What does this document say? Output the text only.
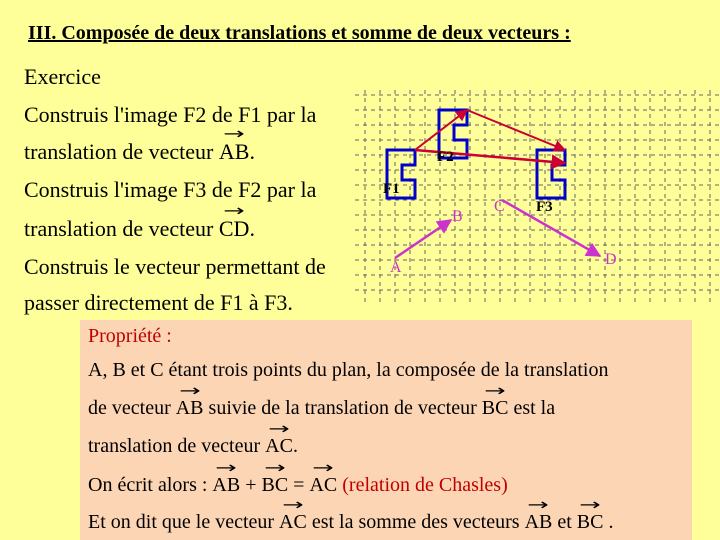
III. Composée de deux translations et somme de deux vecteurs :
Exercice
Construis l'image F2 de F1 par la
translation de vecteur → AB.
Construis l'image F3 de F2 par la
translation de vecteur → CD.
Construis le vecteur permettant de
passer directement de F1 à F3.
F1
F2
F3
A
B
C
D
Propriété :
A, B et C étant trois points du plan, la composée de la translation
de vecteur → AB suivie de la translation de vecteur → BC est la
translation de vecteur → AC.
On écrit alors : → AB + → BC = → AC (relation de Chasles)
Et on dit que le vecteur → AC est la somme des vecteurs → AB et → BC .
